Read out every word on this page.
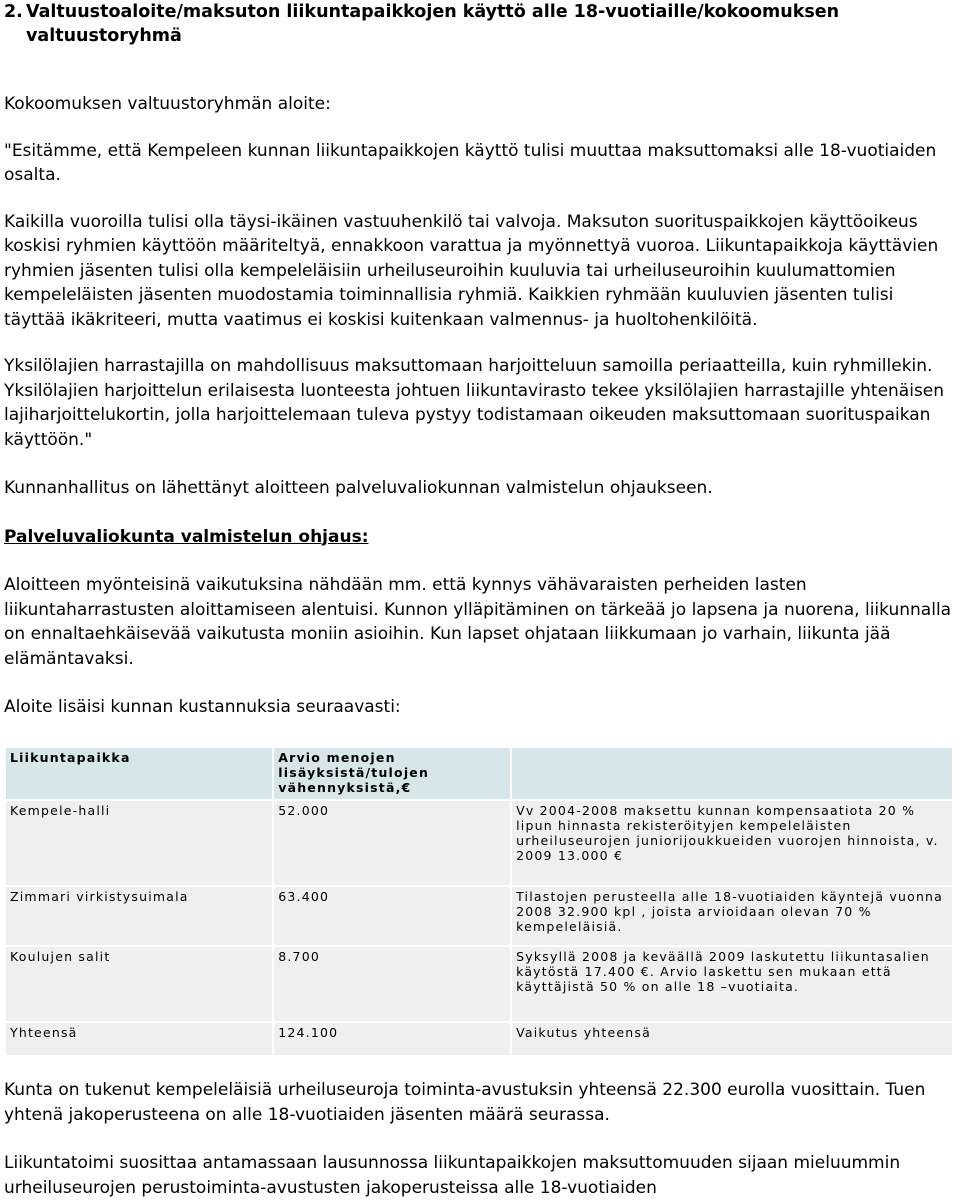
2. Valtuustoaloite/maksuton liikuntapaikkojen käyttö alle 18-vuotiaille/kokoomuksen valtuustoryhmä

Kokoomuksen valtuustoryhmän aloite:

"Esitämme, että Kempeleen kunnan liikuntapaikkojen käyttö tulisi muuttaa maksuttomaksi alle 18-vuotiaiden osalta.

Kaikilla vuoroilla tulisi olla täysi-ikäinen vastuuhenkilö tai valvoja. Maksuton suorituspaikkojen käyttöoikeus koskisi ryhmien käyttöön määriteltyä, ennakkoon varattua ja myönnettyä vuoroa. Liikuntapaikkoja käyttävien ryhmien jäsenten tulisi olla kempeleläisiin urheiluseuroihin kuuluvia tai urheiluseuroihin kuulumattomien kempeleläisten jäsenten muodostamia toiminnallisia ryhmiä. Kaikkien ryhmään kuuluvien jäsenten tulisi täyttää ikäkriteeri, mutta vaatimus ei koskisi kuitenkaan valmennus- ja huoltohenkilöitä.

Yksilölajien harrastajilla on mahdollisuus maksuttomaan harjoitteluun samoilla periaatteilla, kuin ryhmillekin. Yksilölajien harjoittelun erilaisesta luonteesta johtuen liikuntavirasto tekee yksilölajien harrastajille yhtenäisen lajiharjoittelukortin, jolla harjoittelemaan tuleva pystyy todistamaan oikeuden maksuttomaan suorituspaikan käyttöön."

Kunnanhallitus on lähettänyt aloitteen palveluvaliokunnan valmistelun ohjaukseen.

Palveluvaliokunta valmistelun ohjaus:

Aloitteen myönteisinä vaikutuksina nähdään mm. että kynnys vähävaraisten perheiden lasten liikuntaharrastusten aloittamiseen alentuisi. Kunnon ylläpitäminen on tärkeää jo lapsena ja nuorena, liikunnalla on ennaltaehkäisevää vaikutusta moniin asioihin. Kun lapset ohjataan liikkumaan jo varhain, liikunta jää elämäntavaksi.

Aloite lisäisi kunnan kustannuksia seuraavasti:

Liikuntapaikka	Arvio menojen lisäyksistä/tulojen vähennyksistä,€	
Kempele-halli	52.000	Vv 2004-2008 maksettu kunnan kompensaatiota 20 % lipun hinnasta rekisteröityjen kempeleläisten urheiluseurojen juniorijoukkueiden vuorojen hinnoista, v. 2009 13.000 €
Zimmari virkistysuimala	63.400	Tilastojen perusteella alle 18-vuotiaiden käyntejä vuonna 2008 32.900 kpl , joista arvioidaan olevan 70 % kempeleläisiä.
Koulujen salit	8.700	Syksyllä 2008 ja keväällä 2009 laskutettu liikuntasalien käytöstä 17.400 €. Arvio laskettu sen mukaan että käyttäjistä 50 % on alle 18 –vuotiaita.
Yhteensä	124.100	Vaikutus yhteensä

Kunta on tukenut kempeleläisiä urheiluseuroja toiminta-avustuksin yhteensä 22.300 eurolla vuosittain. Tuen yhtenä jakoperusteena on alle 18-vuotiaiden jäsenten määrä seurassa.

Liikuntatoimi suosittaa antamassaan lausunnossa liikuntapaikkojen maksuttomuuden sijaan mieluummin urheiluseurojen perustoiminta-avustusten jakoperusteissa alle 18-vuotiaiden
